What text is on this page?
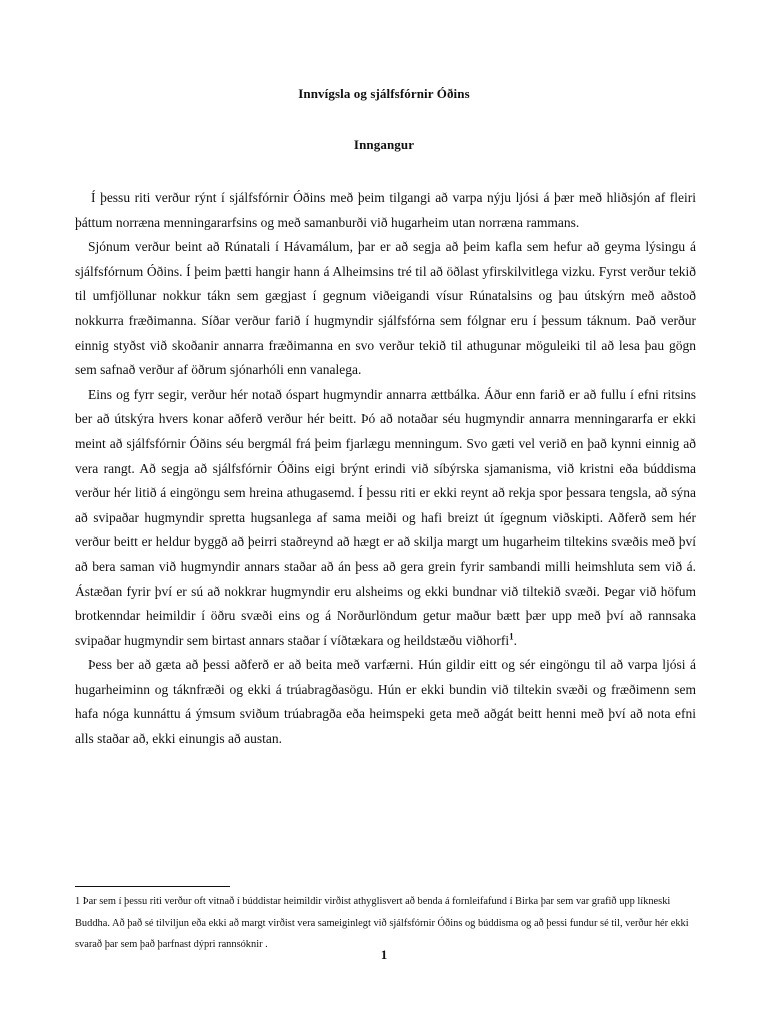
Innvígsla og sjálfsfórnir Óðins
Inngangur

Í þessu riti verður rýnt í sjálfsfórnir Óðins með þeim tilgangi að varpa nýju ljósi á þær með hliðsjón af fleiri þáttum norræna menningararfsins og með samanburði við hugarheim utan norræna rammans.

Sjónum verður beint að Rúnatali í Hávamálum, þar er að segja að þeim kafla sem hefur að geyma lýsingu á sjálfsfórnum Óðins. Í þeim þætti hangir hann á Alheimsins tré til að öðlast yfirskilvitlega vizku. Fyrst verður tekið til umfjöllunar nokkur tákn sem gægjast í gegnum viðeigandi vísur Rúnatalsins og þau útskýrn með aðstoð nokkurra fræðimanna. Síðar verður farið í hugmyndir sjálfsfórna sem fólgnar eru í þessum táknum. Það verður einnig styðst við skoðanir annarra fræðimanna en svo verður tekið til athugunar möguleiki til að lesa þau gögn sem safnað verður af öðrum sjónarhóli enn vanalega.

Eins og fyrr segir, verður hér notað óspart hugmyndir annarra ættbálka. Áður enn farið er að fullu í efni ritsins ber að útskýra hvers konar aðferð verður hér beitt. Þó að notaðar séu hugmyndir annarra menningararfa er ekki meint að sjálfsfórnir Óðins séu bergmál frá þeim fjarlægu menningum. Svo gæti vel verið en það kynni einnig að vera rangt. Að segja að sjálfsfórnir Óðins eigi brýnt erindi við síbýrska sjamanisma, við kristni eða búddisma verður hér litið á eingöngu sem hreina athugasemd. Í þessu riti er ekki reynt að rekja spor þessara tengsla, að sýna að svipaðar hugmyndir spretta hugsanlega af sama meiði og hafi breizt út ígegnum viðskipti. Aðferð sem hér verður beitt er heldur byggð að þeirri staðreynd að hægt er að skilja margt um hugarheim tiltekins svæðis með því að bera saman við hugmyndir annars staðar að án þess að gera grein fyrir sambandi milli heimshluta sem við á. Ástæðan fyrir því er sú að nokkrar hugmyndir eru alsheims og ekki bundnar við tiltekið svæði. Þegar við höfum brotkenndar heimildir í öðru svæði eins og á Norðurlöndum getur maður bætt þær upp með því að rannsaka svipaðar hugmyndir sem birtast annars staðar í víðtækara og heildstæðu viðhorfi$^1$.

Þess ber að gæta að þessi aðferð er að beita með varfærni. Hún gildir eitt og sér eingöngu til að varpa ljósi á hugarheiminn og táknfræði og ekki á trúabragðasögu. Hún er ekki bundin við tiltekin svæði og fræðimenn sem hafa nóga kunnáttu á ýmsum sviðum trúabragða eða heimspeki geta með aðgát beitt henni með því að nota efni alls staðar að, ekki einungis að austan.

1 Þar sem í þessu riti verður oft vitnað í búddistar heimildir virðist athyglisvert að benda á fornleifafund í Birka þar sem var grafið upp líkneski Buddha. Að það sé tilviljun eða ekki að margt virðist vera sameiginlegt við sjálfsfórnir Óðins og búddisma og að þessi fundur sé til, verður hér ekki svarað þar sem það þarfnast dýpri rannsóknir .
1
